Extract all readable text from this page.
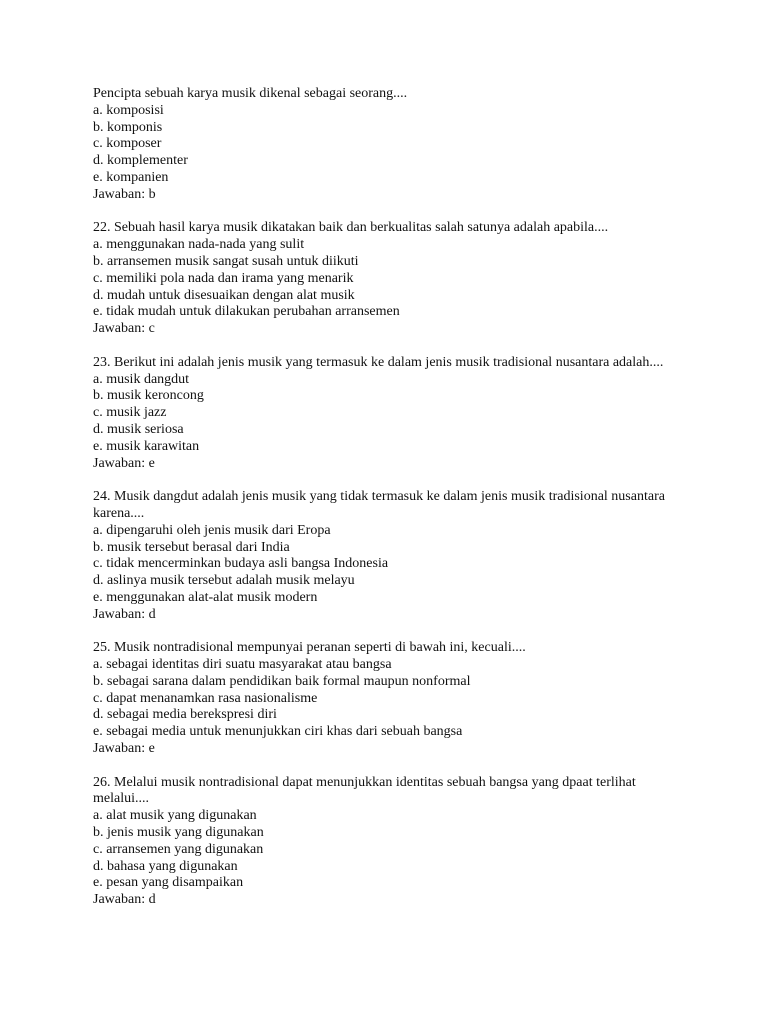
Pencipta sebuah karya musik dikenal sebagai seorang....
a. komposisi
b. komponis
c. komposer
d. komplementer
e. kompanien
Jawaban: b
22. Sebuah hasil karya musik dikatakan baik dan berkualitas salah satunya adalah apabila....
a. menggunakan nada-nada yang sulit
b. arransemen musik sangat susah untuk diikuti
c. memiliki pola nada dan irama yang menarik
d. mudah untuk disesuaikan dengan alat musik
e. tidak mudah untuk dilakukan perubahan arransemen
Jawaban: c
23. Berikut ini adalah jenis musik yang termasuk ke dalam jenis musik tradisional nusantara adalah....
a. musik dangdut
b. musik keroncong
c. musik jazz
d. musik seriosa
e. musik karawitan
Jawaban: e
24. Musik dangdut adalah jenis musik yang tidak termasuk ke dalam jenis musik tradisional nusantara karena....
a. dipengaruhi oleh jenis musik dari Eropa
b. musik tersebut berasal dari India
c. tidak mencerminkan budaya asli bangsa Indonesia
d. aslinya musik tersebut adalah musik melayu
e. menggunakan alat-alat musik modern
Jawaban: d
25. Musik nontradisional mempunyai peranan seperti di bawah ini, kecuali....
a. sebagai identitas diri suatu masyarakat atau bangsa
b. sebagai sarana dalam pendidikan baik formal maupun nonformal
c. dapat menanamkan rasa nasionalisme
d. sebagai media berekspresi diri
e. sebagai media untuk menunjukkan ciri khas dari sebuah bangsa
Jawaban: e
26. Melalui musik nontradisional dapat menunjukkan identitas sebuah bangsa yang dpaat terlihat melalui....
a. alat musik yang digunakan
b. jenis musik yang digunakan
c. arransemen yang digunakan
d. bahasa yang digunakan
e. pesan yang disampaikan
Jawaban: d
